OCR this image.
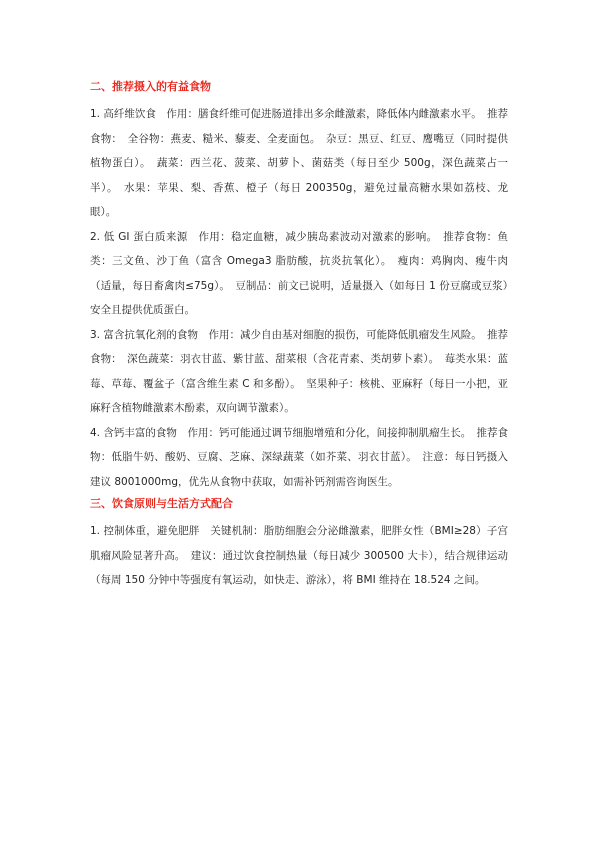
二、推荐摄入的有益食物

1. 高纤维饮食　作用：膳食纤维可促进肠道排出多余雌激素，降低体内雌激素水平。　推荐食物：　全谷物：燕麦、糙米、藜麦、全麦面包。　杂豆：黑豆、红豆、鹰嘴豆（同时提供植物蛋白）。　蔬菜：西兰花、菠菜、胡萝卜、菌菇类（每日至少 500g，深色蔬菜占一半）。　水果：苹果、梨、香蕉、橙子（每日 200350g，避免过量高糖水果如荔枝、龙眼）。

2. 低 GI 蛋白质来源　作用：稳定血糖，减少胰岛素波动对激素的影响。　推荐食物：鱼类：三文鱼、沙丁鱼（富含 Omega3 脂肪酸，抗炎抗氧化）。　瘦肉：鸡胸肉、瘦牛肉（适量，每日畜禽肉≤75g）。　豆制品：前文已说明，适量摄入（如每日 1 份豆腐或豆浆）安全且提供优质蛋白。

3. 富含抗氧化剂的食物　作用：减少自由基对细胞的损伤，可能降低肌瘤发生风险。　推荐食物：　深色蔬菜：羽衣甘蓝、紫甘蓝、甜菜根（含花青素、类胡萝卜素）。　莓类水果：蓝莓、草莓、覆盆子（富含维生素 C 和多酚）。　坚果种子：核桃、亚麻籽（每日一小把，亚麻籽含植物雌激素木酚素，双向调节激素）。

4. 含钙丰富的食物　作用：钙可能通过调节细胞增殖和分化，间接抑制肌瘤生长。　推荐食物：低脂牛奶、酸奶、豆腐、芝麻、深绿蔬菜（如芥菜、羽衣甘蓝）。　注意：每日钙摄入建议 8001000mg，优先从食物中获取，如需补钙剂需咨询医生。

三、饮食原则与生活方式配合

1. 控制体重，避免肥胖　关键机制：脂肪细胞会分泌雌激素，肥胖女性（BMI≥28）子宫肌瘤风险显著升高。　建议：通过饮食控制热量（每日减少 300500 大卡），结合规律运动（每周 150 分钟中等强度有氧运动，如快走、游泳），将 BMI 维持在 18.524 之间。
